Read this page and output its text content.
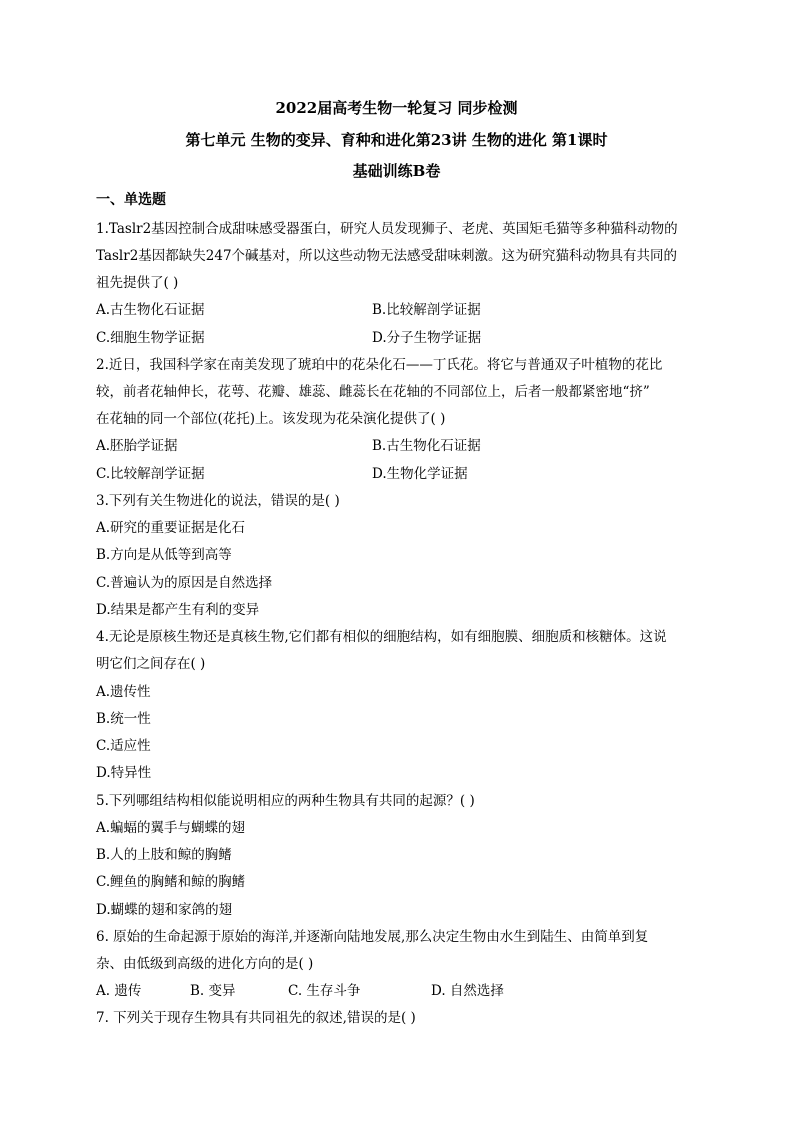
2022届高考生物一轮复习 同步检测
第七单元 生物的变异、育种和进化第23讲 生物的进化 第1课时
基础训练B卷
一、单选题
1.Taslr2基因控制合成甜味感受器蛋白，研究人员发现狮子、老虎、英国矩毛猫等多种猫科动物的
Taslr2基因都缺失247个碱基对，所以这些动物无法感受甜味刺激。这为研究猫科动物具有共同的
祖先提供了( )
A.古生物化石证据	B.比较解剖学证据
C.细胞生物学证据	D.分子生物学证据
2.近日，我国科学家在南美发现了琥珀中的花朵化石——丁氏花。将它与普通双子叶植物的花比
较，前者花轴伸长，花萼、花瓣、雄蕊、雌蕊长在花轴的不同部位上，后者一般都紧密地“挤”
在花轴的同一个部位(花托)上。该发现为花朵演化提供了( )
A.胚胎学证据	B.古生物化石证据
C.比较解剖学证据	D.生物化学证据
3.下列有关生物进化的说法，错误的是( )
A.研究的重要证据是化石
B.方向是从低等到高等
C.普遍认为的原因是自然选择
D.结果是都产生有利的变异
4.无论是原核生物还是真核生物,它们都有相似的细胞结构，如有细胞膜、细胞质和核糖体。这说
明它们之间存在( )
A.遗传性
B.统一性
C.适应性
D.特异性
5.下列哪组结构相似能说明相应的两种生物具有共同的起源？( )
A.蝙蝠的翼手与蝴蝶的翅
B.人的上肢和鲸的胸鳍
C.鲤鱼的胸鳍和鲸的胸鳍
D.蝴蝶的翅和家鸽的翅
6. 原始的生命起源于原始的海洋,并逐渐向陆地发展,那么决定生物由水生到陆生、由简单到复
杂、由低级到高级的进化方向的是( )
A. 遗传	B. 变异	C. 生存斗争	D. 自然选择
7. 下列关于现存生物具有共同祖先的叙述,错误的是( )
